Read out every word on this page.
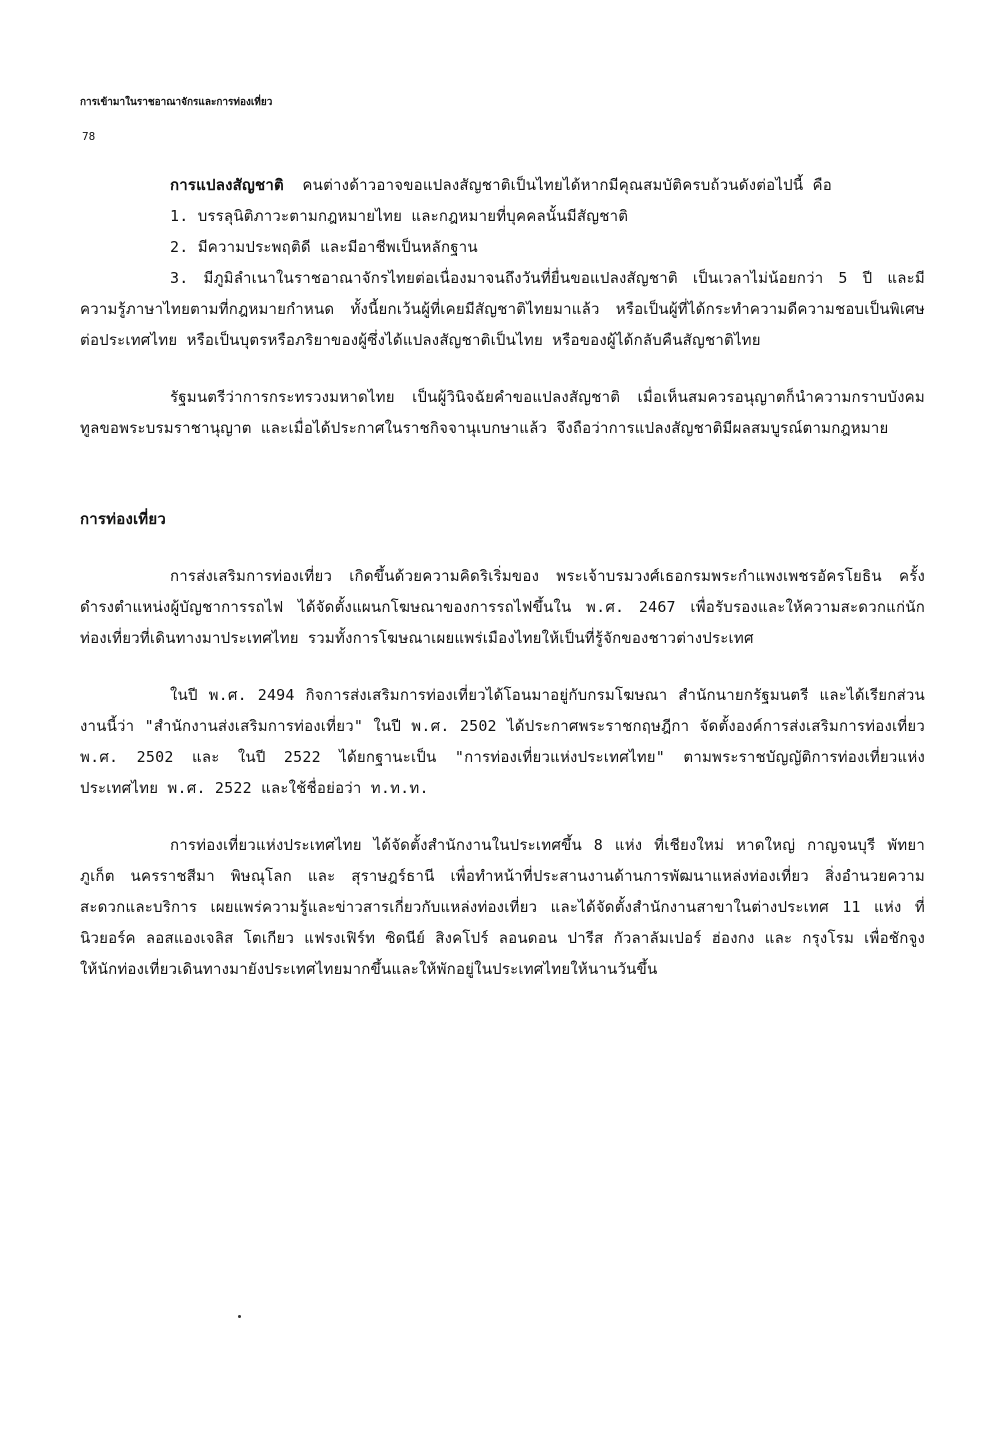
การเข้ามาในราชอาณาจักรและการท่องเที่ยว
78

การแปลงสัญชาติ คนต่างด้าวอาจขอแปลงสัญชาติเป็นไทยได้หากมีคุณสมบัติครบถ้วนดังต่อไปนี้ คือ

1. บรรลุนิติภาวะตามกฎหมายไทย และกฎหมายที่บุคคลนั้นมีสัญชาติ

2. มีความประพฤติดี และมีอาชีพเป็นหลักฐาน

3. มีภูมิลำเนาในราชอาณาจักรไทยต่อเนื่องมาจนถึงวันที่ยื่นขอแปลงสัญชาติ เป็นเวลาไม่น้อยกว่า 5 ปี และมีความรู้ภาษาไทยตามที่กฎหมายกำหนด ทั้งนี้ยกเว้นผู้ที่เคยมีสัญชาติไทยมาแล้ว หรือเป็นผู้ที่ได้กระทำความดีความชอบเป็นพิเศษต่อประเทศไทย หรือเป็นบุตรหรือภริยาของผู้ซึ่งได้แปลงสัญชาติเป็นไทย หรือของผู้ได้กลับคืนสัญชาติไทย

รัฐมนตรีว่าการกระทรวงมหาดไทย เป็นผู้วินิจฉัยคำขอแปลงสัญชาติ เมื่อเห็นสมควรอนุญาตก็นำความกราบบังคมทูลขอพระบรมราชานุญาต และเมื่อได้ประกาศในราชกิจจานุเบกษาแล้ว จึงถือว่าการแปลงสัญชาติมีผลสมบูรณ์ตามกฎหมาย

การท่องเที่ยว

การส่งเสริมการท่องเที่ยว เกิดขึ้นด้วยความคิดริเริ่มของ พระเจ้าบรมวงศ์เธอกรมพระกำแพงเพชรอัครโยธิน ครั้งดำรงตำแหน่งผู้บัญชาการรถไฟ ได้จัดตั้งแผนกโฆษณาของการรถไฟขึ้นใน พ.ศ. 2467 เพื่อรับรองและให้ความสะดวกแก่นักท่องเที่ยวที่เดินทางมาประเทศไทย รวมทั้งการโฆษณาเผยแพร่เมืองไทยให้เป็นที่รู้จักของชาวต่างประเทศ

ในปี พ.ศ. 2494 กิจการส่งเสริมการท่องเที่ยวได้โอนมาอยู่กับกรมโฆษณา สำนักนายกรัฐมนตรี และได้เรียกส่วนงานนี้ว่า "สำนักงานส่งเสริมการท่องเที่ยว" ในปี พ.ศ. 2502 ได้ประกาศพระราชกฤษฎีกา จัดตั้งองค์การส่งเสริมการท่องเที่ยว พ.ศ. 2502 และ ในปี 2522 ได้ยกฐานะเป็น "การท่องเที่ยวแห่งประเทศไทย" ตามพระราชบัญญัติการท่องเที่ยวแห่งประเทศไทย พ.ศ. 2522 และใช้ชื่อย่อว่า ท.ท.ท.

การท่องเที่ยวแห่งประเทศไทย ได้จัดตั้งสำนักงานในประเทศขึ้น 8 แห่ง ที่เชียงใหม่ หาดใหญ่ กาญจนบุรี พัทยา ภูเก็ต นครราชสีมา พิษณุโลก และ สุราษฎร์ธานี เพื่อทำหน้าที่ประสานงานด้านการพัฒนาแหล่งท่องเที่ยว สิ่งอำนวยความสะดวกและบริการ เผยแพร่ความรู้และข่าวสารเกี่ยวกับแหล่งท่องเที่ยว และได้จัดตั้งสำนักงานสาขาในต่างประเทศ 11 แห่ง ที่นิวยอร์ค ลอสแองเจลิส โตเกียว แฟรงเฟิร์ท ซิดนีย์ สิงคโปร์ ลอนดอน ปารีส กัวลาลัมเปอร์ ฮ่องกง และ กรุงโรม เพื่อชักจูงให้นักท่องเที่ยวเดินทางมายังประเทศไทยมากขึ้นและให้พักอยู่ในประเทศไทยให้นานวันขึ้น
